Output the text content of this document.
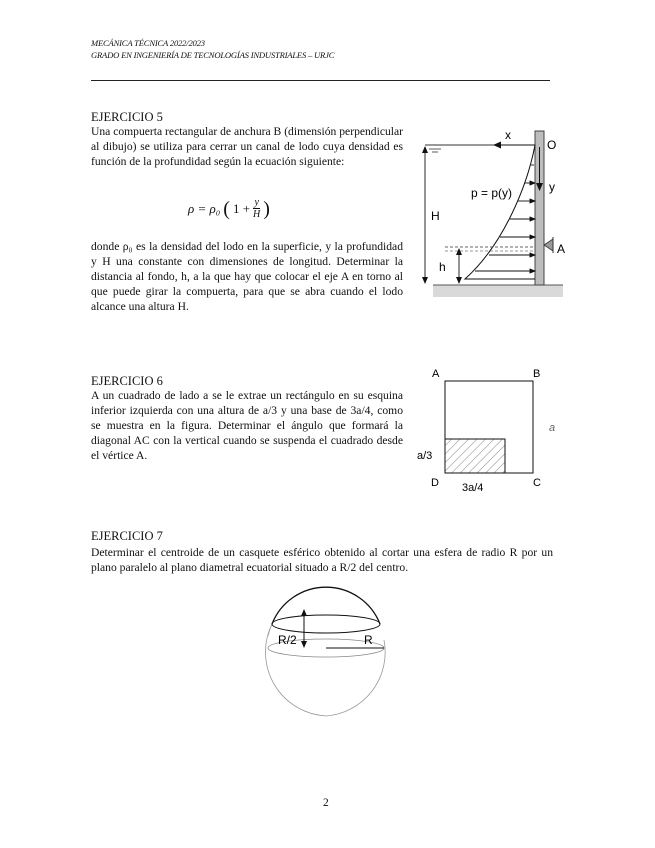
MECÁNICA TÉCNICA 2022/2023
GRADO EN INGENIERÍA DE TECNOLOGÍAS INDUSTRIALES – URJC
EJERCICIO 5

Una compuerta rectangular de anchura B (dimensión perpendicular al dibujo) se utiliza para cerrar un canal de lodo cuya densidad es función de la profundidad según la ecuación siguiente:

ρ = ρ₀ ( $1 + \frac{y}{H}$ )

donde ρ₀ es la densidad del lodo en la superficie, y la profundidad y H una constante con dimensiones de longitud. Determinar la distancia al fondo, h, a la que hay que colocar el eje A en torno al que puede girar la compuerta, para que se abra cuando el lodo alcance una altura H.

x
O
y
p = p(y)
H
A
h
EJERCICIO 6

A un cuadrado de lado a se le extrae un rectángulo en su esquina inferior izquierda con una altura de a/3 y una base de 3a/4, como se muestra en la figura. Determinar el ángulo que formará la diagonal AC con la vertical cuando se suspenda el cuadrado desde el vértice A.

A	B
C
D
a
a/3
3a/4
EJERCICIO 7

Determinar el centroide de un casquete esférico obtenido al cortar una esfera de radio R por un plano paralelo al plano diametral ecuatorial situado a R/2 del centro.

R/2	R
2
